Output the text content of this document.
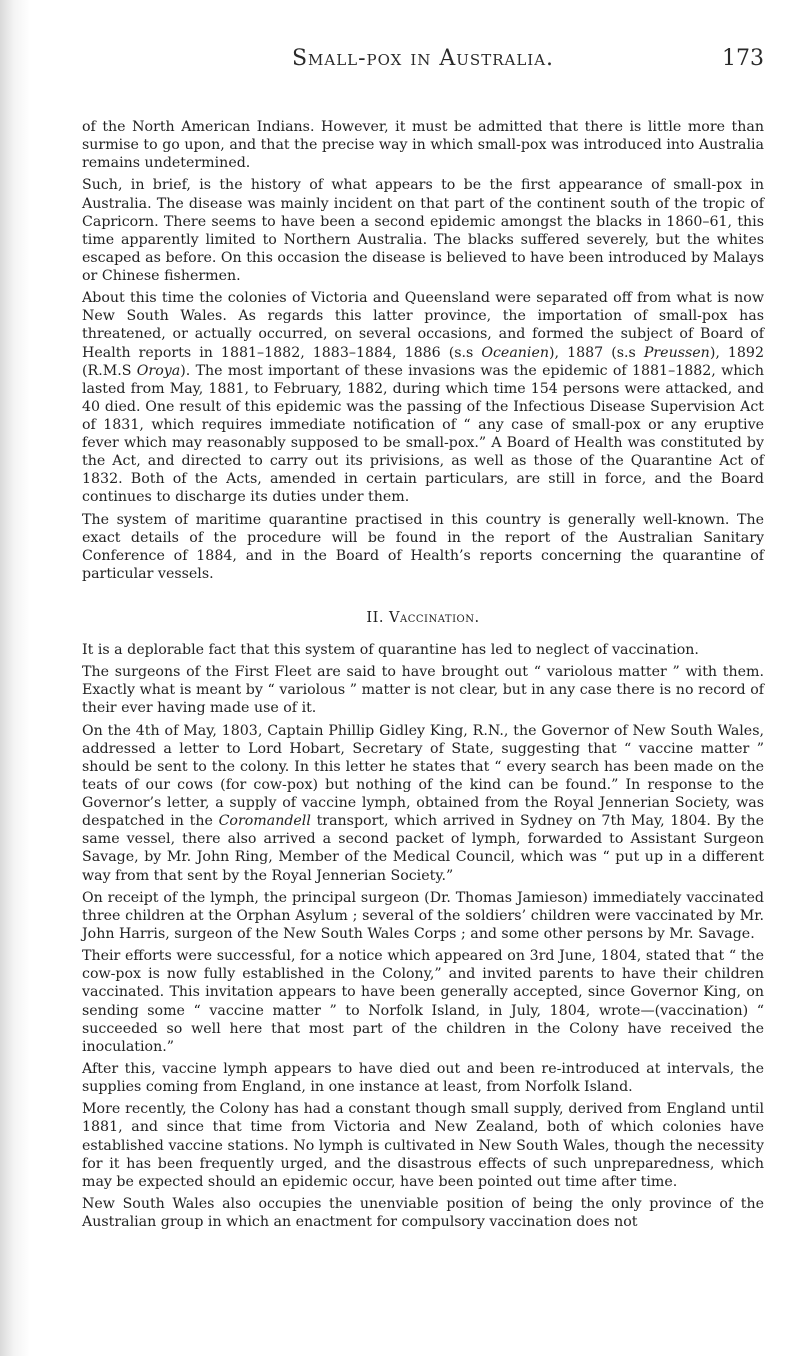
Small-pox in Australia.	173

of the North American Indians. However, it must be admitted that there is little more than surmise to go upon, and that the precise way in which small-pox was introduced into Australia remains undetermined.

Such, in brief, is the history of what appears to be the first appearance of small-pox in Australia. The disease was mainly incident on that part of the continent south of the tropic of Capricorn. There seems to have been a second epidemic amongst the blacks in 1860–61, this time apparently limited to Northern Australia. The blacks suffered severely, but the whites escaped as before. On this occasion the disease is believed to have been introduced by Malays or Chinese fishermen.

About this time the colonies of Victoria and Queensland were separated off from what is now New South Wales. As regards this latter province, the importation of small-pox has threatened, or actually occurred, on several occasions, and formed the subject of Board of Health reports in 1881–1882, 1883–1884, 1886 (s.s Oceanien), 1887 (s.s Preussen), 1892 (R.M.S Oroya). The most important of these invasions was the epidemic of 1881–1882, which lasted from May, 1881, to February, 1882, during which time 154 persons were attacked, and 40 died. One result of this epidemic was the passing of the Infectious Disease Supervision Act of 1831, which requires immediate notification of “ any case of small-pox or any eruptive fever which may reasonably supposed to be small-pox.” A Board of Health was constituted by the Act, and directed to carry out its privisions, as well as those of the Quarantine Act of 1832. Both of the Acts, amended in certain particulars, are still in force, and the Board continues to discharge its duties under them.

The system of maritime quarantine practised in this country is generally well-known. The exact details of the procedure will be found in the report of the Australian Sanitary Conference of 1884, and in the Board of Health’s reports concerning the quarantine of particular vessels.

II. Vaccination.

It is a deplorable fact that this system of quarantine has led to neglect of vaccination.

The surgeons of the First Fleet are said to have brought out “ variolous matter ” with them. Exactly what is meant by “ variolous ” matter is not clear, but in any case there is no record of their ever having made use of it.

On the 4th of May, 1803, Captain Phillip Gidley King, R.N., the Governor of New South Wales, addressed a letter to Lord Hobart, Secretary of State, suggesting that “ vaccine matter ” should be sent to the colony. In this letter he states that “ every search has been made on the teats of our cows (for cow-pox) but nothing of the kind can be found.” In response to the Governor’s letter, a supply of vaccine lymph, obtained from the Royal Jennerian Society, was despatched in the Coromandell transport, which arrived in Sydney on 7th May, 1804. By the same vessel, there also arrived a second packet of lymph, forwarded to Assistant Surgeon Savage, by Mr. John Ring, Member of the Medical Council, which was “ put up in a different way from that sent by the Royal Jennerian Society.”

On receipt of the lymph, the principal surgeon (Dr. Thomas Jamieson) immediately vaccinated three children at the Orphan Asylum ; several of the soldiers’ children were vaccinated by Mr. John Harris, surgeon of the New South Wales Corps ; and some other persons by Mr. Savage.

Their efforts were successful, for a notice which appeared on 3rd June, 1804, stated that “ the cow-pox is now fully established in the Colony,” and invited parents to have their children vaccinated. This invitation appears to have been generally accepted, since Governor King, on sending some “ vaccine matter ” to Norfolk Island, in July, 1804, wrote—(vaccination) “ succeeded so well here that most part of the children in the Colony have received the inoculation.”

After this, vaccine lymph appears to have died out and been re-introduced at intervals, the supplies coming from England, in one instance at least, from Norfolk Island.

More recently, the Colony has had a constant though small supply, derived from England until 1881, and since that time from Victoria and New Zealand, both of which colonies have established vaccine stations. No lymph is cultivated in New South Wales, though the necessity for it has been frequently urged, and the disastrous effects of such unpreparedness, which may be expected should an epidemic occur, have been pointed out time after time.

New South Wales also occupies the unenviable position of being the only province of the Australian group in which an enactment for compulsory vaccination does not
